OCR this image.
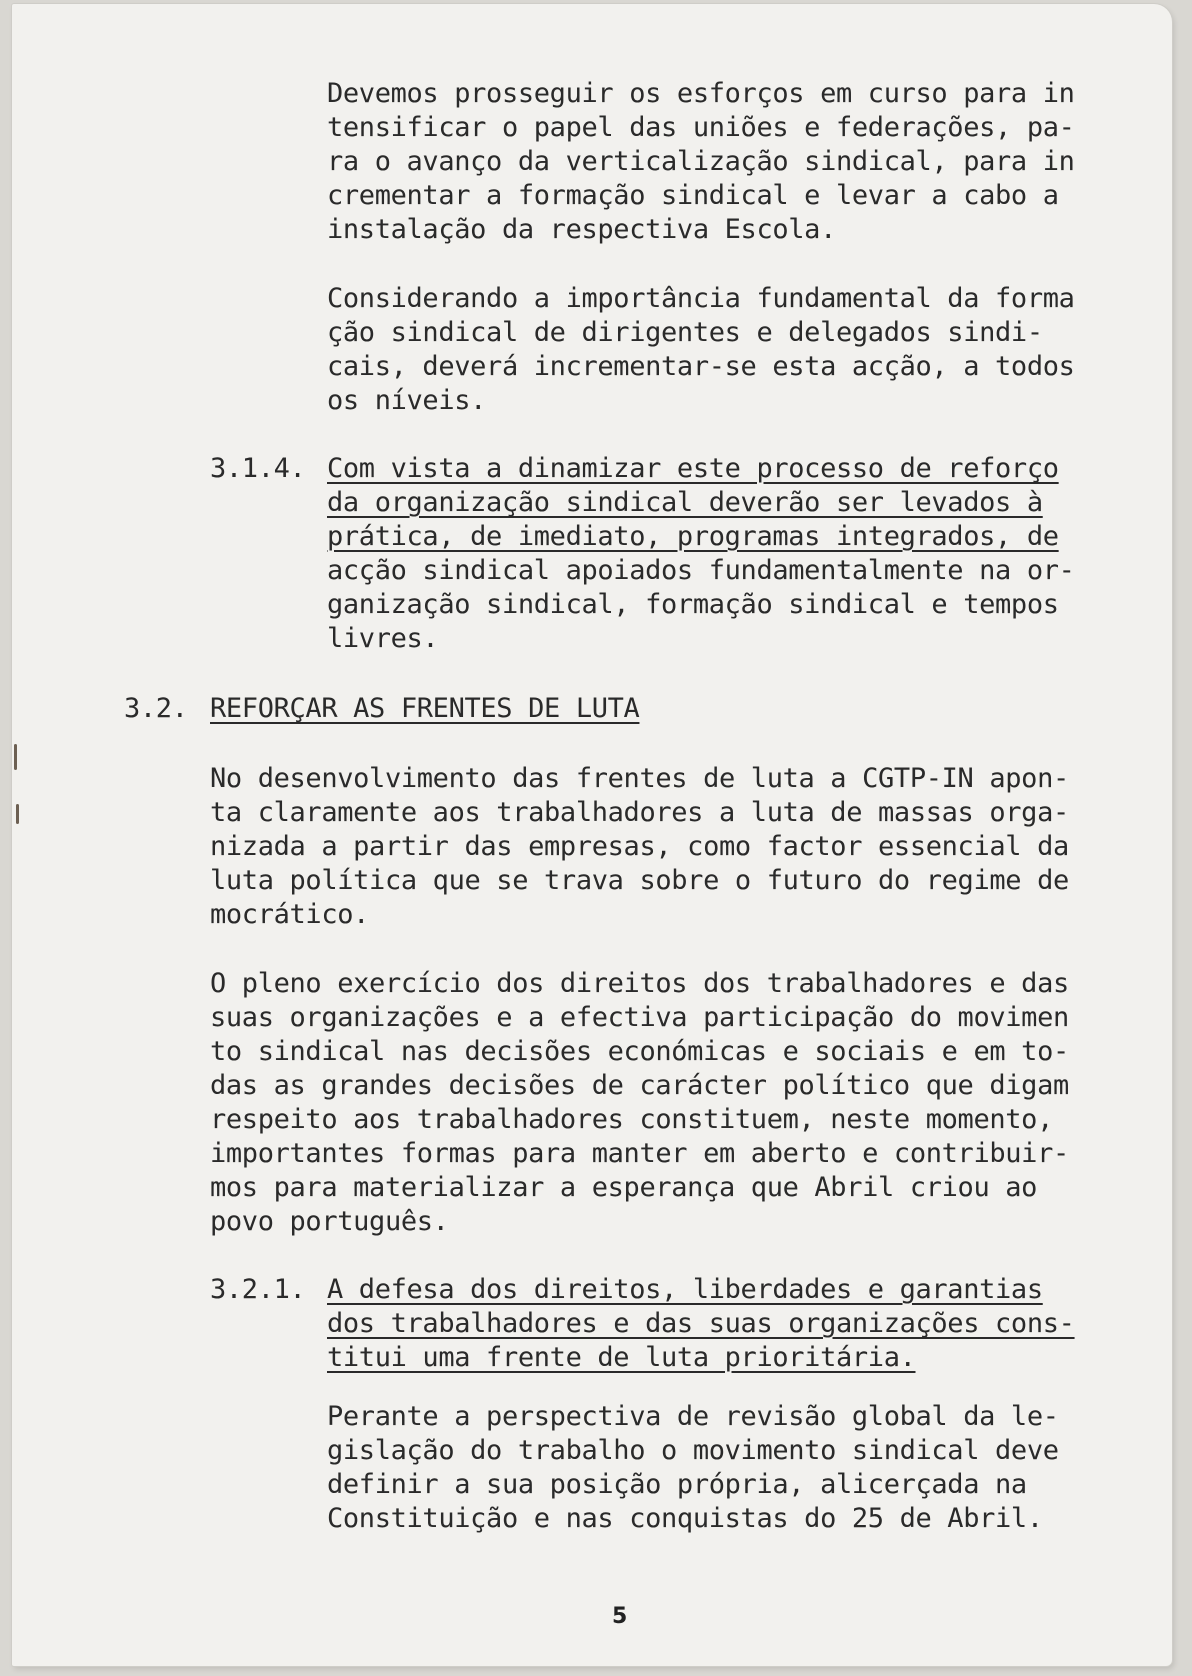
Devemos prosseguir os esforços em curso para in
tensificar o papel das uniões e federações, pa-
ra o avanço da verticalização sindical, para in
crementar a formação sindical e levar a cabo a
instalação da respectiva Escola.
Considerando a importância fundamental da forma
ção sindical de dirigentes e delegados sindi-
cais, deverá incrementar-se esta acção, a todos
os níveis.
3.1.4. Com vista a dinamizar este processo de reforço
da organização sindical deverão ser levados à
prática, de imediato, programas integrados, de
acção sindical apoiados fundamentalmente na or-
ganização sindical, formação sindical e tempos
livres.
3.2. REFORÇAR AS FRENTES DE LUTA
No desenvolvimento das frentes de luta a CGTP-IN apon-
ta claramente aos trabalhadores a luta de massas orga-
nizada a partir das empresas, como factor essencial da
luta política que se trava sobre o futuro do regime de
mocrático.
O pleno exercício dos direitos dos trabalhadores e das
suas organizações e a efectiva participação do movimen
to sindical nas decisões económicas e sociais e em to-
das as grandes decisões de carácter político que digam
respeito aos trabalhadores constituem, neste momento,
importantes formas para manter em aberto e contribuir-
mos para materializar a esperança que Abril criou ao
povo português.
3.2.1. A defesa dos direitos, liberdades e garantias
dos trabalhadores e das suas organizações cons-
titui uma frente de luta prioritária.
Perante a perspectiva de revisão global da le-
gislação do trabalho o movimento sindical deve
definir a sua posição própria, alicerçada na
Constituição e nas conquistas do 25 de Abril.
5
